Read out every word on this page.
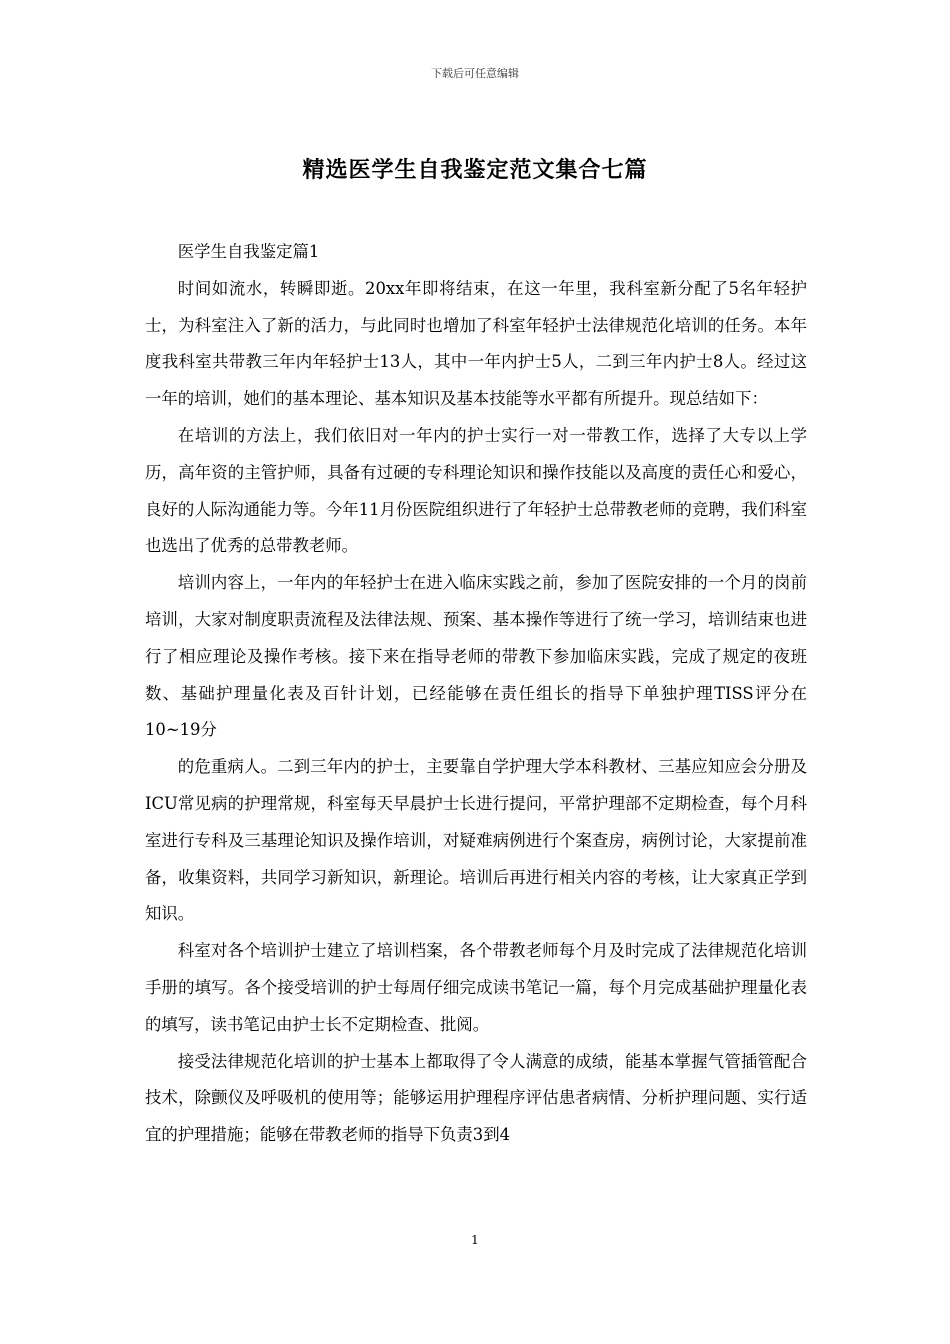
下载后可任意编辑
精选医学生自我鉴定范文集合七篇

医学生自我鉴定篇1

时间如流水，转瞬即逝。20xx年即将结束，在这一年里，我科室新分配了5名年轻护士，为科室注入了新的活力，与此同时也增加了科室年轻护士法律规范化培训的任务。本年度我科室共带教三年内年轻护士13人，其中一年内护士5人，二到三年内护士8人。经过这一年的培训，她们的基本理论、基本知识及基本技能等水平都有所提升。现总结如下：

在培训的方法上，我们依旧对一年内的护士实行一对一带教工作，选择了大专以上学历，高年资的主管护师，具备有过硬的专科理论知识和操作技能以及高度的责任心和爱心，良好的人际沟通能力等。今年11月份医院组织进行了年轻护士总带教老师的竞聘，我们科室也选出了优秀的总带教老师。

培训内容上，一年内的年轻护士在进入临床实践之前，参加了医院安排的一个月的岗前培训，大家对制度职责流程及法律法规、预案、基本操作等进行了统一学习，培训结束也进行了相应理论及操作考核。接下来在指导老师的带教下参加临床实践，完成了规定的夜班数、基础护理量化表及百针计划，已经能够在责任组长的指导下单独护理TISS评分在10~19分

的危重病人。二到三年内的护士，主要靠自学护理大学本科教材、三基应知应会分册及ICU常见病的护理常规，科室每天早晨护士长进行提问，平常护理部不定期检查，每个月科室进行专科及三基理论知识及操作培训，对疑难病例进行个案查房，病例讨论，大家提前准备，收集资料，共同学习新知识，新理论。培训后再进行相关内容的考核，让大家真正学到知识。

科室对各个培训护士建立了培训档案，各个带教老师每个月及时完成了法律规范化培训手册的填写。各个接受培训的护士每周仔细完成读书笔记一篇，每个月完成基础护理量化表的填写，读书笔记由护士长不定期检查、批阅。

接受法律规范化培训的护士基本上都取得了令人满意的成绩，能基本掌握气管插管配合技术，除颤仪及呼吸机的使用等；能够运用护理程序评估患者病情、分析护理问题、实行适宜的护理措施；能够在带教老师的指导下负责3到4

1
